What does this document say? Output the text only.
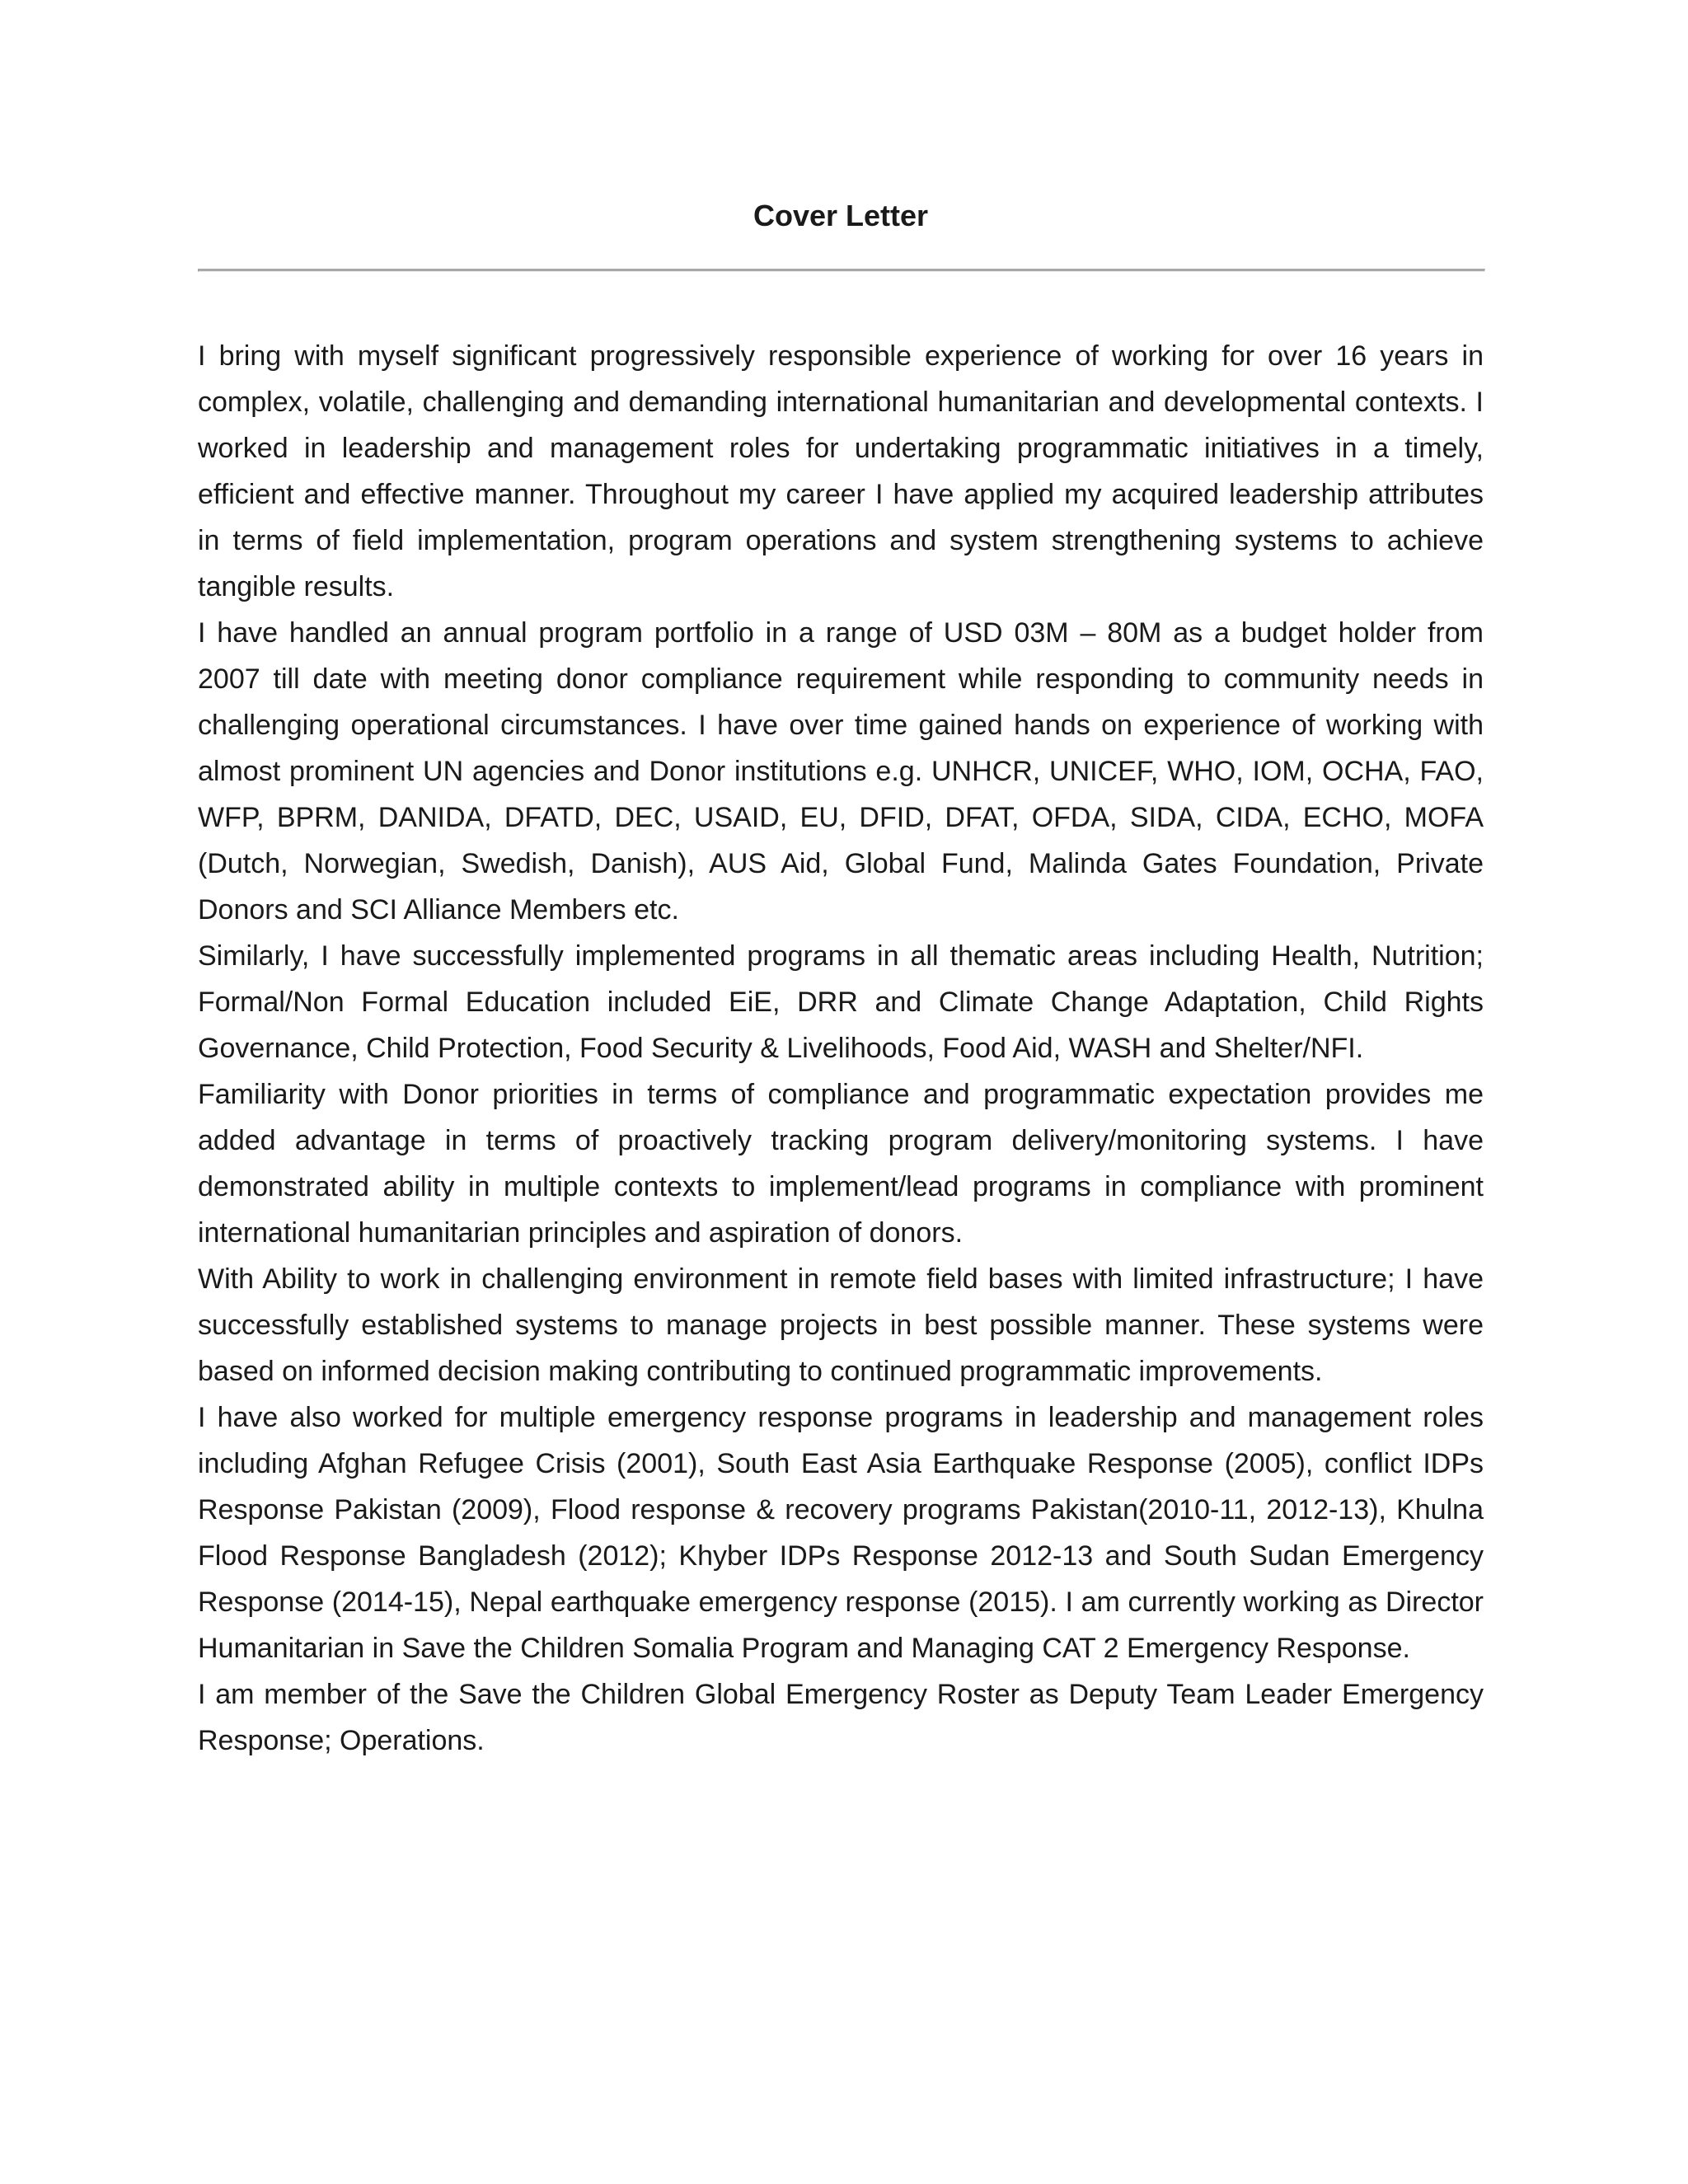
Cover Letter

I bring with myself significant progressively responsible experience of working for over 16 years in complex, volatile, challenging and demanding international humanitarian and developmental contexts. I worked in leadership and management roles for undertaking programmatic initiatives in a timely, efficient and effective manner. Throughout my career I have applied my acquired leadership attributes in terms of field implementation, program operations and system strengthening systems to achieve tangible results.

I have handled an annual program portfolio in a range of USD 03M – 80M as a budget holder from 2007 till date with meeting donor compliance requirement while responding to community needs in challenging operational circumstances. I have over time gained hands on experience of working with almost prominent UN agencies and Donor institutions e.g. UNHCR, UNICEF, WHO, IOM, OCHA, FAO, WFP, BPRM, DANIDA, DFATD, DEC, USAID, EU, DFID, DFAT, OFDA, SIDA, CIDA, ECHO, MOFA (Dutch, Norwegian, Swedish, Danish), AUS Aid, Global Fund, Malinda Gates Foundation, Private Donors and SCI Alliance Members etc.

Similarly, I have successfully implemented programs in all thematic areas including Health, Nutrition; Formal/Non Formal Education included EiE, DRR and Climate Change Adaptation, Child Rights Governance, Child Protection, Food Security & Livelihoods, Food Aid, WASH and Shelter/NFI.

Familiarity with Donor priorities in terms of compliance and programmatic expectation provides me added advantage in terms of proactively tracking program delivery/monitoring systems. I have demonstrated ability in multiple contexts to implement/lead programs in compliance with prominent international humanitarian principles and aspiration of donors.

With Ability to work in challenging environment in remote field bases with limited infrastructure; I have successfully established systems to manage projects in best possible manner. These systems were based on informed decision making contributing to continued programmatic improvements.

I have also worked for multiple emergency response programs in leadership and management roles including Afghan Refugee Crisis (2001), South East Asia Earthquake Response (2005), conflict IDPs Response Pakistan (2009), Flood response & recovery programs Pakistan(2010-11, 2012-13), Khulna Flood Response Bangladesh (2012); Khyber IDPs Response 2012-13 and South Sudan Emergency Response (2014-15), Nepal earthquake emergency response (2015). I am currently working as Director Humanitarian in Save the Children Somalia Program and Managing CAT 2 Emergency Response.

I am member of the Save the Children Global Emergency Roster as Deputy Team Leader Emergency Response; Operations.
